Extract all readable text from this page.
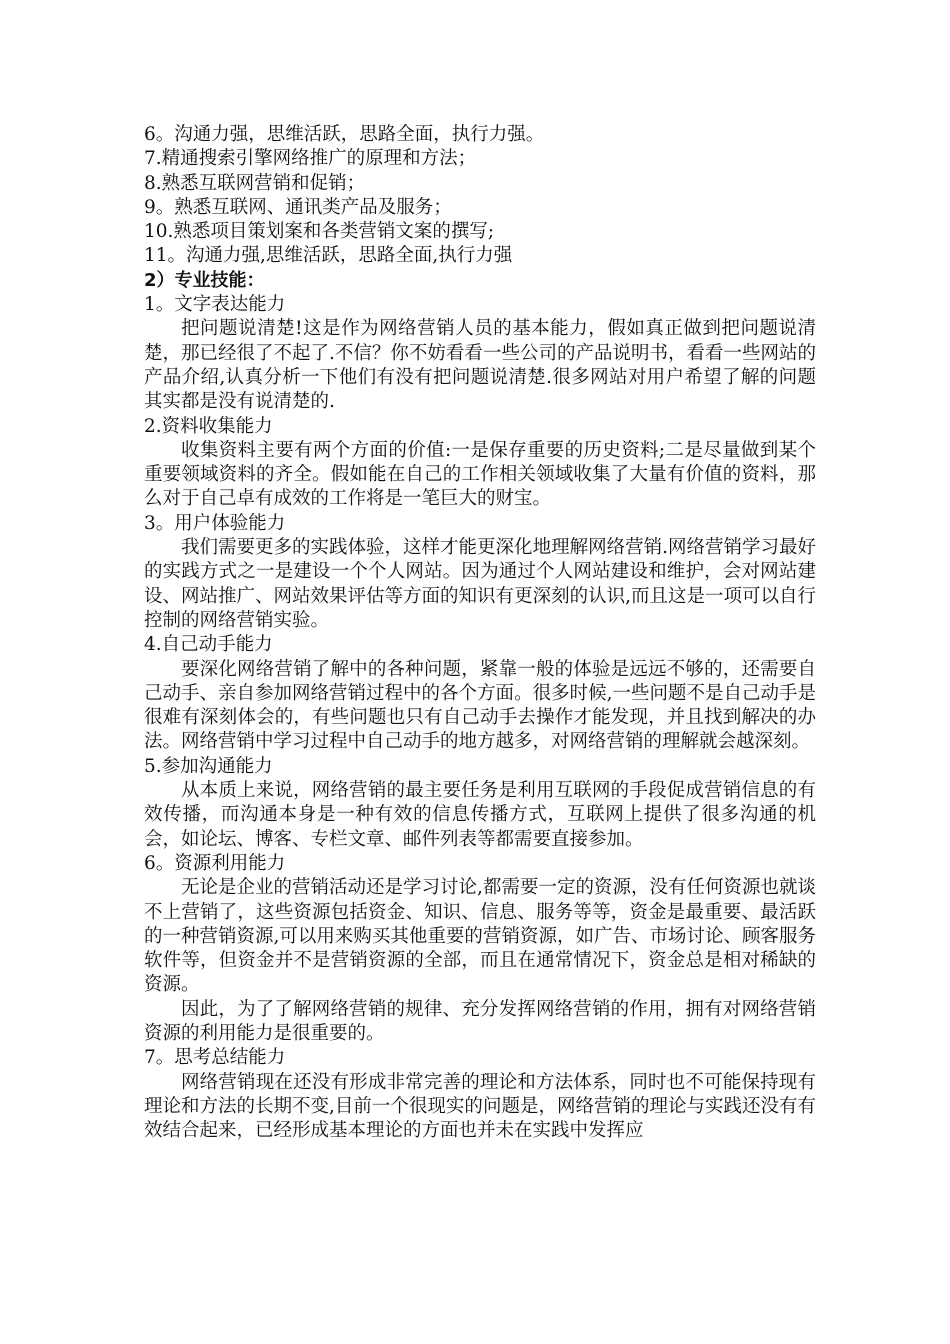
6。沟通力强，思维活跃，思路全面，执行力强。

7.精通搜索引擎网络推广的原理和方法；

8.熟悉互联网营销和促销；

9。熟悉互联网、通讯类产品及服务；

10.熟悉项目策划案和各类营销文案的撰写;

11。沟通力强,思维活跃，思路全面,执行力强

2）专业技能：

1。文字表达能力

把问题说清楚!这是作为网络营销人员的基本能力，假如真正做到把问题说清楚，那已经很了不起了.不信？你不妨看看一些公司的产品说明书，看看一些网站的产品介绍,认真分析一下他们有没有把问题说清楚.很多网站对用户希望了解的问题其实都是没有说清楚的.

2.资料收集能力

收集资料主要有两个方面的价值:一是保存重要的历史资料;二是尽量做到某个重要领域资料的齐全。假如能在自己的工作相关领域收集了大量有价值的资料，那么对于自己卓有成效的工作将是一笔巨大的财宝。

3。用户体验能力

我们需要更多的实践体验，这样才能更深化地理解网络营销.网络营销学习最好的实践方式之一是建设一个个人网站。因为通过个人网站建设和维护，会对网站建设、网站推广、网站效果评估等方面的知识有更深刻的认识,而且这是一项可以自行控制的网络营销实验。

4.自己动手能力

要深化网络营销了解中的各种问题，紧靠一般的体验是远远不够的，还需要自己动手、亲自参加网络营销过程中的各个方面。很多时候,一些问题不是自己动手是很难有深刻体会的，有些问题也只有自己动手去操作才能发现，并且找到解决的办法。网络营销中学习过程中自己动手的地方越多，对网络营销的理解就会越深刻。

5.参加沟通能力

从本质上来说，网络营销的最主要任务是利用互联网的手段促成营销信息的有效传播，而沟通本身是一种有效的信息传播方式，互联网上提供了很多沟通的机会，如论坛、博客、专栏文章、邮件列表等都需要直接参加。

6。资源利用能力

无论是企业的营销活动还是学习讨论,都需要一定的资源，没有任何资源也就谈不上营销了，这些资源包括资金、知识、信息、服务等等，资金是最重要、最活跃的一种营销资源,可以用来购买其他重要的营销资源，如广告、市场讨论、顾客服务软件等，但资金并不是营销资源的全部，而且在通常情况下，资金总是相对稀缺的资源。

因此，为了了解网络营销的规律、充分发挥网络营销的作用，拥有对网络营销资源的利用能力是很重要的。

7。思考总结能力

网络营销现在还没有形成非常完善的理论和方法体系，同时也不可能保持现有理论和方法的长期不变,目前一个很现实的问题是，网络营销的理论与实践还没有有效结合起来，已经形成基本理论的方面也并未在实践中发挥应
